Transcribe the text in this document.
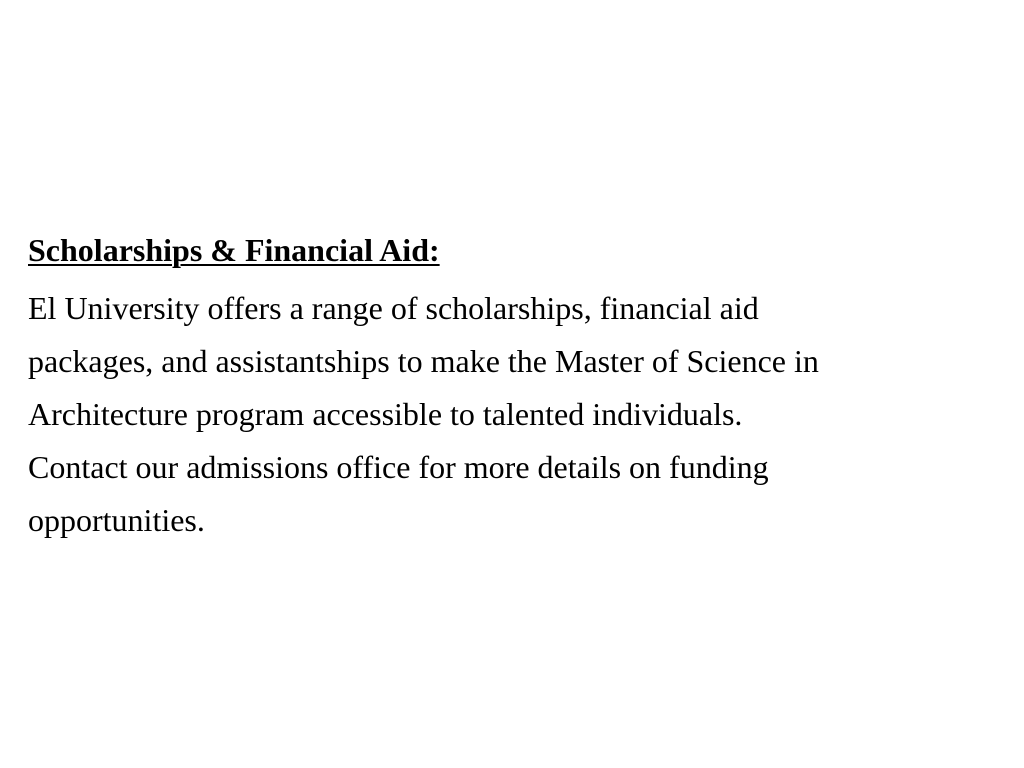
Scholarships & Financial Aid:
El University offers a range of scholarships, financial aid
packages, and assistantships to make the Master of Science in
Architecture program accessible to talented individuals.
Contact our admissions office for more details on funding
opportunities.
